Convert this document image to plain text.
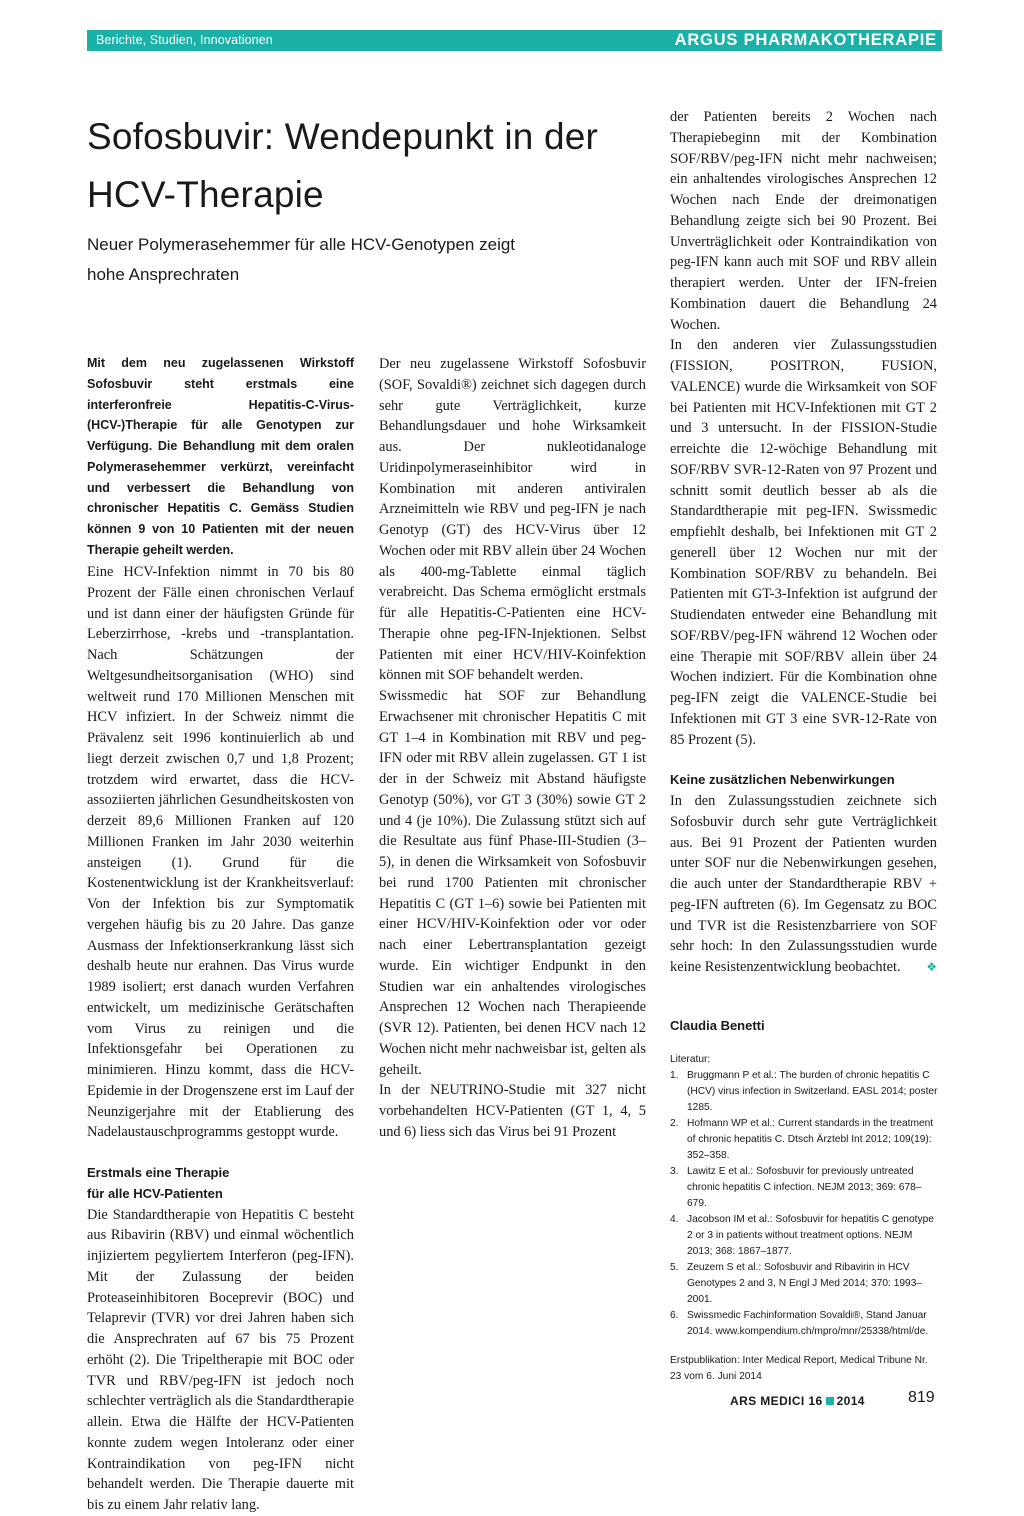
Berichte, Studien, Innovationen	ARGUS PHARMAKOTHERAPIE
Sofosbuvir: Wendepunkt in der HCV-Therapie
Neuer Polymerasehemmer für alle HCV-Genotypen zeigt hohe Ansprechraten

Mit dem neu zugelassenen Wirkstoff Sofosbuvir steht erstmals eine interferonfreie Hepatitis-C-Virus-(HCV-)Therapie für alle Genotypen zur Verfügung. Die Behandlung mit dem oralen Polymerasehemmer verkürzt, vereinfacht und verbessert die Behandlung von chronischer Hepatitis C. Gemäss Studien können 9 von 10 Patienten mit der neuen Therapie geheilt werden.

Eine HCV-Infektion nimmt in 70 bis 80 Prozent der Fälle einen chronischen Verlauf und ist dann einer der häufigsten Gründe für Leberzirrhose, -krebs und -transplantation. Nach Schätzungen der Weltgesundheitsorganisation (WHO) sind weltweit rund 170 Millionen Menschen mit HCV infiziert. In der Schweiz nimmt die Prävalenz seit 1996 kontinuierlich ab und liegt derzeit zwischen 0,7 und 1,8 Prozent; trotzdem wird erwartet, dass die HCV-assoziierten jährlichen Gesundheitskosten von derzeit 89,6 Millionen Franken auf 120 Millionen Franken im Jahr 2030 weiterhin ansteigen (1). Grund für die Kostenentwicklung ist der Krankheitsverlauf: Von der Infektion bis zur Symptomatik vergehen häufig bis zu 20 Jahre. Das ganze Ausmass der Infektionserkrankung lässt sich deshalb heute nur erahnen. Das Virus wurde 1989 isoliert; erst danach wurden Verfahren entwickelt, um medizinische Gerätschaften vom Virus zu reinigen und die Infektionsgefahr bei Operationen zu minimieren. Hinzu kommt, dass die HCV-Epidemie in der Drogenszene erst im Lauf der Neunzigerjahre mit der Etablierung des Nadelaustauschprogramms gestoppt wurde.

Erstmals eine Therapie

für alle HCV-Patienten

Die Standardtherapie von Hepatitis C besteht aus Ribavirin (RBV) und einmal wöchentlich injiziertem pegyliertem Interferon (peg-IFN). Mit der Zulassung der beiden Proteaseinhibitoren Boceprevir (BOC) und Telaprevir (TVR) vor drei Jahren haben sich die Ansprechraten auf 67 bis 75 Prozent erhöht (2). Die Tripeltherapie mit BOC oder TVR und RBV/peg-IFN ist jedoch noch schlechter verträglich als die Standardtherapie allein. Etwa die Hälfte der HCV-Patienten konnte zudem wegen Intoleranz oder einer Kontraindikation von peg-IFN nicht behandelt werden. Die Therapie dauerte mit bis zu einem Jahr relativ lang.

Der neu zugelassene Wirkstoff Sofosbuvir (SOF, Sovaldi®) zeichnet sich dagegen durch sehr gute Verträglichkeit, kurze Behandlungsdauer und hohe Wirksamkeit aus. Der nukleotidanaloge Uridinpolymeraseinhibitor wird in Kombination mit anderen antiviralen Arzneimitteln wie RBV und peg-IFN je nach Genotyp (GT) des HCV-Virus über 12 Wochen oder mit RBV allein über 24 Wochen als 400-mg-Tablette einmal täglich verabreicht. Das Schema ermöglicht erstmals für alle Hepatitis-C-Patienten eine HCV-Therapie ohne peg-IFN-Injektionen. Selbst Patienten mit einer HCV/HIV-Koinfektion können mit SOF behandelt werden.

Swissmedic hat SOF zur Behandlung Erwachsener mit chronischer Hepatitis C mit GT 1–4 in Kombination mit RBV und peg-IFN oder mit RBV allein zugelassen. GT 1 ist der in der Schweiz mit Abstand häufigste Genotyp (50%), vor GT 3 (30%) sowie GT 2 und 4 (je 10%). Die Zulassung stützt sich auf die Resultate aus fünf Phase-III-Studien (3–5), in denen die Wirksamkeit von Sofosbuvir bei rund 1700 Patienten mit chronischer Hepatitis C (GT 1–6) sowie bei Patienten mit einer HCV/HIV-Koinfektion oder vor oder nach einer Lebertransplantation gezeigt wurde. Ein wichtiger Endpunkt in den Studien war ein anhaltendes virologisches Ansprechen 12 Wochen nach Therapieende (SVR 12). Patienten, bei denen HCV nach 12 Wochen nicht mehr nachweisbar ist, gelten als geheilt.

In der NEUTRINO-Studie mit 327 nicht vorbehandelten HCV-Patienten (GT 1, 4, 5 und 6) liess sich das Virus bei 91 Prozent

der Patienten bereits 2 Wochen nach Therapiebeginn mit der Kombination SOF/RBV/peg-IFN nicht mehr nachweisen; ein anhaltendes virologisches Ansprechen 12 Wochen nach Ende der dreimonatigen Behandlung zeigte sich bei 90 Prozent. Bei Unverträglichkeit oder Kontraindikation von peg-IFN kann auch mit SOF und RBV allein therapiert werden. Unter der IFN-freien Kombination dauert die Behandlung 24 Wochen.

In den anderen vier Zulassungsstudien (FISSION, POSITRON, FUSION, VALENCE) wurde die Wirksamkeit von SOF bei Patienten mit HCV-Infektionen mit GT 2 und 3 untersucht. In der FISSION-Studie erreichte die 12-wöchige Behandlung mit SOF/RBV SVR-12-Raten von 97 Prozent und schnitt somit deutlich besser ab als die Standardtherapie mit peg-IFN. Swissmedic empfiehlt deshalb, bei Infektionen mit GT 2 generell über 12 Wochen nur mit der Kombination SOF/RBV zu behandeln. Bei Patienten mit GT-3-Infektion ist aufgrund der Studiendaten entweder eine Behandlung mit SOF/RBV/peg-IFN während 12 Wochen oder eine Therapie mit SOF/RBV allein über 24 Wochen indiziert. Für die Kombination ohne peg-IFN zeigt die VALENCE-Studie bei Infektionen mit GT 3 eine SVR-12-Rate von 85 Prozent (5).

Keine zusätzlichen Nebenwirkungen

In den Zulassungsstudien zeichnete sich Sofosbuvir durch sehr gute Verträglichkeit aus. Bei 91 Prozent der Patienten wurden unter SOF nur die Nebenwirkungen gesehen, die auch unter der Standardtherapie RBV + peg-IFN auftreten (6). Im Gegensatz zu BOC und TVR ist die Resistenzbarriere von SOF sehr hoch: In den Zulassungsstudien wurde keine Resistenzentwicklung beobachtet. ❖

Claudia Benetti

Literatur:

1. Bruggmann P et al.: The burden of chronic hepatitis C (HCV) virus infection in Switzerland. EASL 2014; poster 1285.
2. Hofmann WP et al.: Current standards in the treatment of chronic hepatitis C. Dtsch Ärztebl Int 2012; 109(19): 352–358.
3. Lawitz E et al.: Sofosbuvir for previously untreated chronic hepatitis C infection. NEJM 2013; 369: 678–679.
4. Jacobson IM et al.: Sofosbuvir for hepatitis C genotype 2 or 3 in patients without treatment options. NEJM 2013; 368: 1867–1877.
5. Zeuzem S et al.: Sofosbuvir and Ribavirin in HCV Genotypes 2 and 3, N Engl J Med 2014; 370: 1993–2001.
6. Swissmedic Fachinformation Sovaldi®, Stand Januar 2014. www.kompendium.ch/mpro/mnr/25338/html/de.

Erstpublikation: Inter Medical Report, Medical Tribune Nr. 23 vom 6. Juni 2014

ARS MEDICI 16 2014	819
